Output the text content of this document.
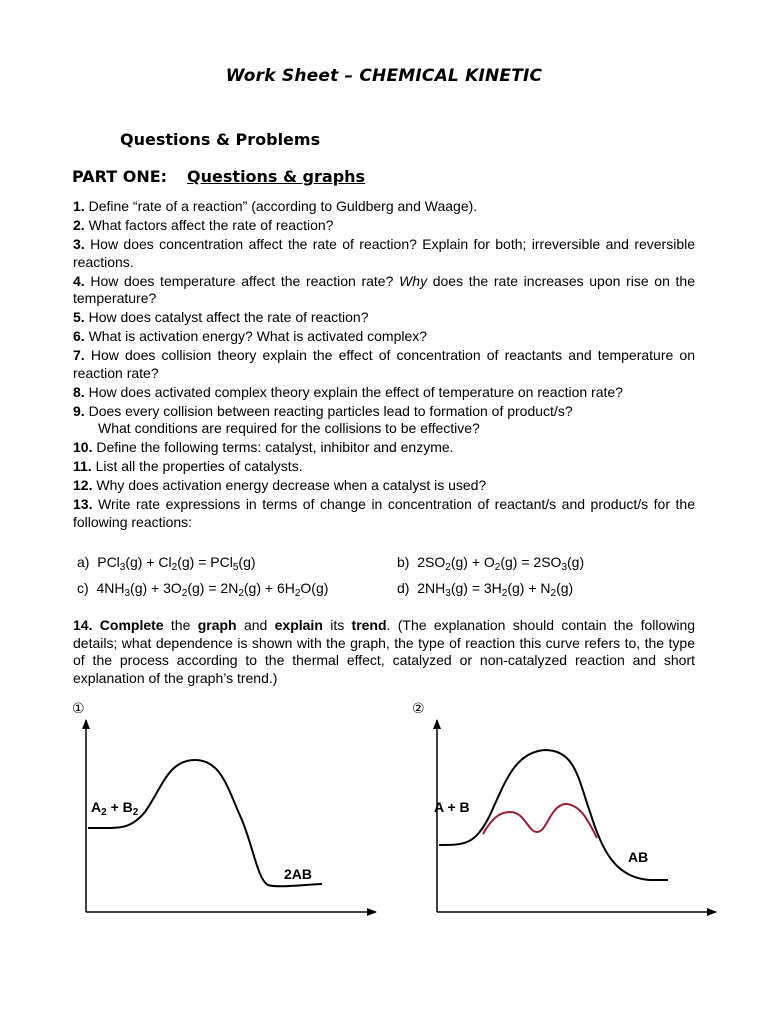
Work Sheet – CHEMICAL KINETIC
Questions & Problems
PART ONE: Questions & graphs
1. Define “rate of a reaction” (according to Guldberg and Waage).
2. What factors affect the rate of reaction?
3. How does concentration affect the rate of reaction? Explain for both; irreversible and reversible reactions.
4. How does temperature affect the reaction rate? Why does the rate increases upon rise on the temperature?
5. How does catalyst affect the rate of reaction?
6. What is activation energy? What is activated complex?
7. How does collision theory explain the effect of concentration of reactants and temperature on reaction rate?
8. How does activated complex theory explain the effect of temperature on reaction rate?
9. Does every collision between reacting particles lead to formation of product/s?
What conditions are required for the collisions to be effective?
10. Define the following terms: catalyst, inhibitor and enzyme.
11. List all the properties of catalysts.
12. Why does activation energy decrease when a catalyst is used?
13. Write rate expressions in terms of change in concentration of reactant/s and product/s for the following reactions:
a)  $PCl_3(g) + Cl_2(g) = PCl_5(g)$	b)  $2SO_2(g) + O_2(g) = 2SO_3(g)$
c)  $4NH_3(g) + 3O_2(g) = 2N_2(g) + 6H_2O(g)$	d)  $2NH_3(g) = 3H_2(g) + N_2(g)$
14. Complete the graph and explain its trend. (The explanation should contain the following details; what dependence is shown with the graph, the type of reaction this curve refers to, the type of the process according to the thermal effect, catalyzed or non-catalyzed reaction and short explanation of the graph’s trend.)
①
$A_2 + B_2$
2AB
②
A + B
AB
